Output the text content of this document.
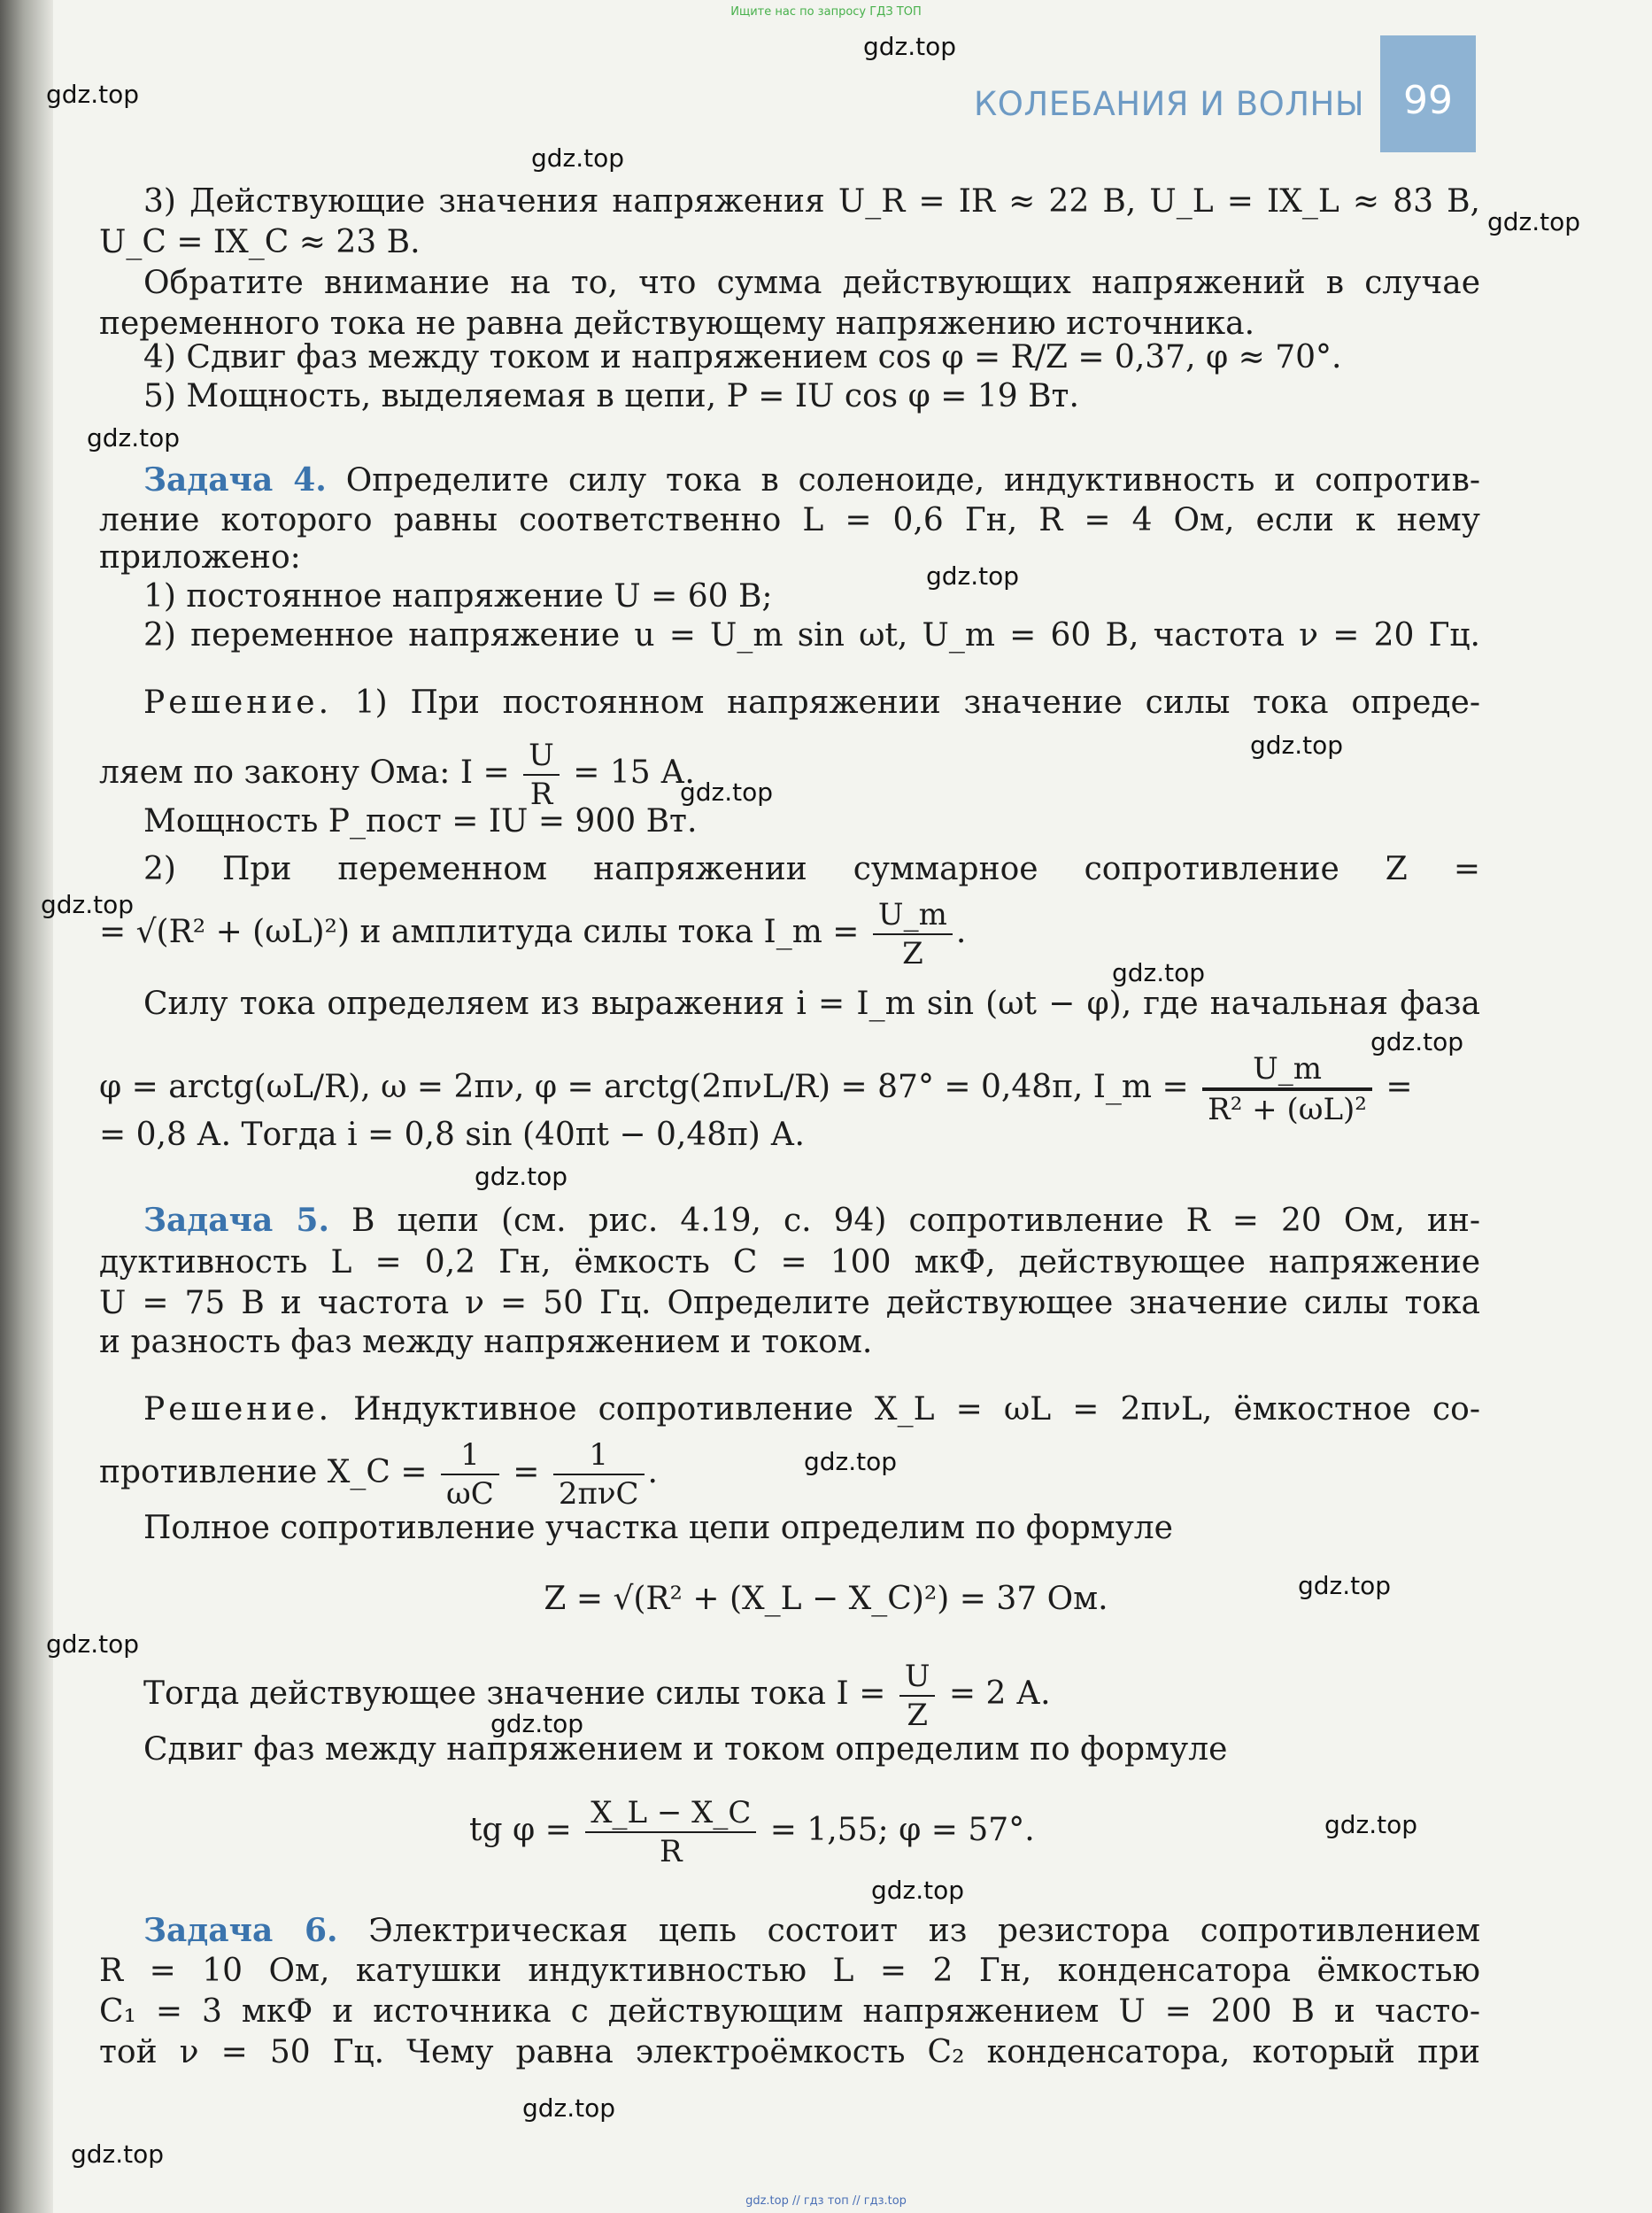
Ищите нас по запросу ГДЗ ТОП
КОЛЕБАНИЯ И ВОЛНЫ	99
gdz.top
gdz.top
gdz.top
gdz.top
gdz.top
gdz.top
gdz.top
gdz.top
gdz.top
gdz.top
gdz.top
gdz.top
gdz.top
gdz.top
gdz.top
gdz.top
gdz.top
gdz.top
gdz.top
gdz.top
3) Действующие значения напряжения U_R = IR ≈ 22 В, U_L = IX_L ≈ 83 В,
U_C = IX_C ≈ 23 В.
Обратите внимание на то, что сумма действующих напряжений в случае
переменного тока не равна действующему напряжению источника.
4) Сдвиг фаз между током и напряжением cos φ = R/Z = 0,37, φ ≈ 70°.
5) Мощность, выделяемая в цепи, P = IU cos φ = 19 Вт.
Задача 4. Определите силу тока в соленоиде, индуктивность и сопротив-
ление которого равны соответственно L = 0,6 Гн, R = 4 Ом, если к нему
приложено:
1) постоянное напряжение U = 60 В;
2) переменное напряжение u = U_m sin ωt, U_m = 60 В, частота ν = 20 Гц.
Решение. 1) При постоянном напряжении значение силы тока опреде-
ляем по закону Ома: $I = \frac{U}{R} = 15$ А.
Мощность P_пост = IU = 900 Вт.
2) При переменном напряжении суммарное сопротивление Z =
= √(R² + (ωL)²) и амплитуда силы тока I_m = $\frac{U\_m}{Z}$ .
Силу тока определяем из выражения i = I_m sin (ωt − φ), где начальная фаза
φ = arctg(ωL/R), ω = 2πν, φ = arctg(2πνL/R) = 87° = 0,48π, I_m = $\frac{U\_m}{\text{R² + (ωL)²}}$ =
= 0,8 А. Тогда i = 0,8 sin (40πt − 0,48π) А.
Задача 5. В цепи (см. рис. 4.19, с. 94) сопротивление R = 20 Ом, ин-
дуктивность L = 0,2 Гн, ёмкость C = 100 мкФ, действующее напряжение
U = 75 В и частота ν = 50 Гц. Определите действующее значение силы тока
и разность фаз между напряжением и током.
Решение. Индуктивное сопротивление X_L = ωL = 2πνL, ёмкостное со-
противление X_C = $\frac{1}{\omega C} = \frac{1}{\text{2πνC}}$ .
Полное сопротивление участка цепи определим по формуле
Z = √(R² + (X_L − X_C)²) = 37 Ом.
Тогда действующее значение силы тока $I = \frac{U}{Z} = 2$ А.
Сдвиг фаз между напряжением и током определим по формуле
tg $\varphi = \frac{X\_L - X\_C}{R} = 1,55$; φ = 57°.
Задача 6. Электрическая цепь состоит из резистора сопротивлением
R = 10 Ом, катушки индуктивностью L = 2 Гн, конденсатора ёмкостью
C₁ = 3 мкФ и источника с действующим напряжением U = 200 В и часто-
той ν = 50 Гц. Чему равна электроёмкость C₂ конденсатора, который при
gdz.top // гдз топ // гдз.top
